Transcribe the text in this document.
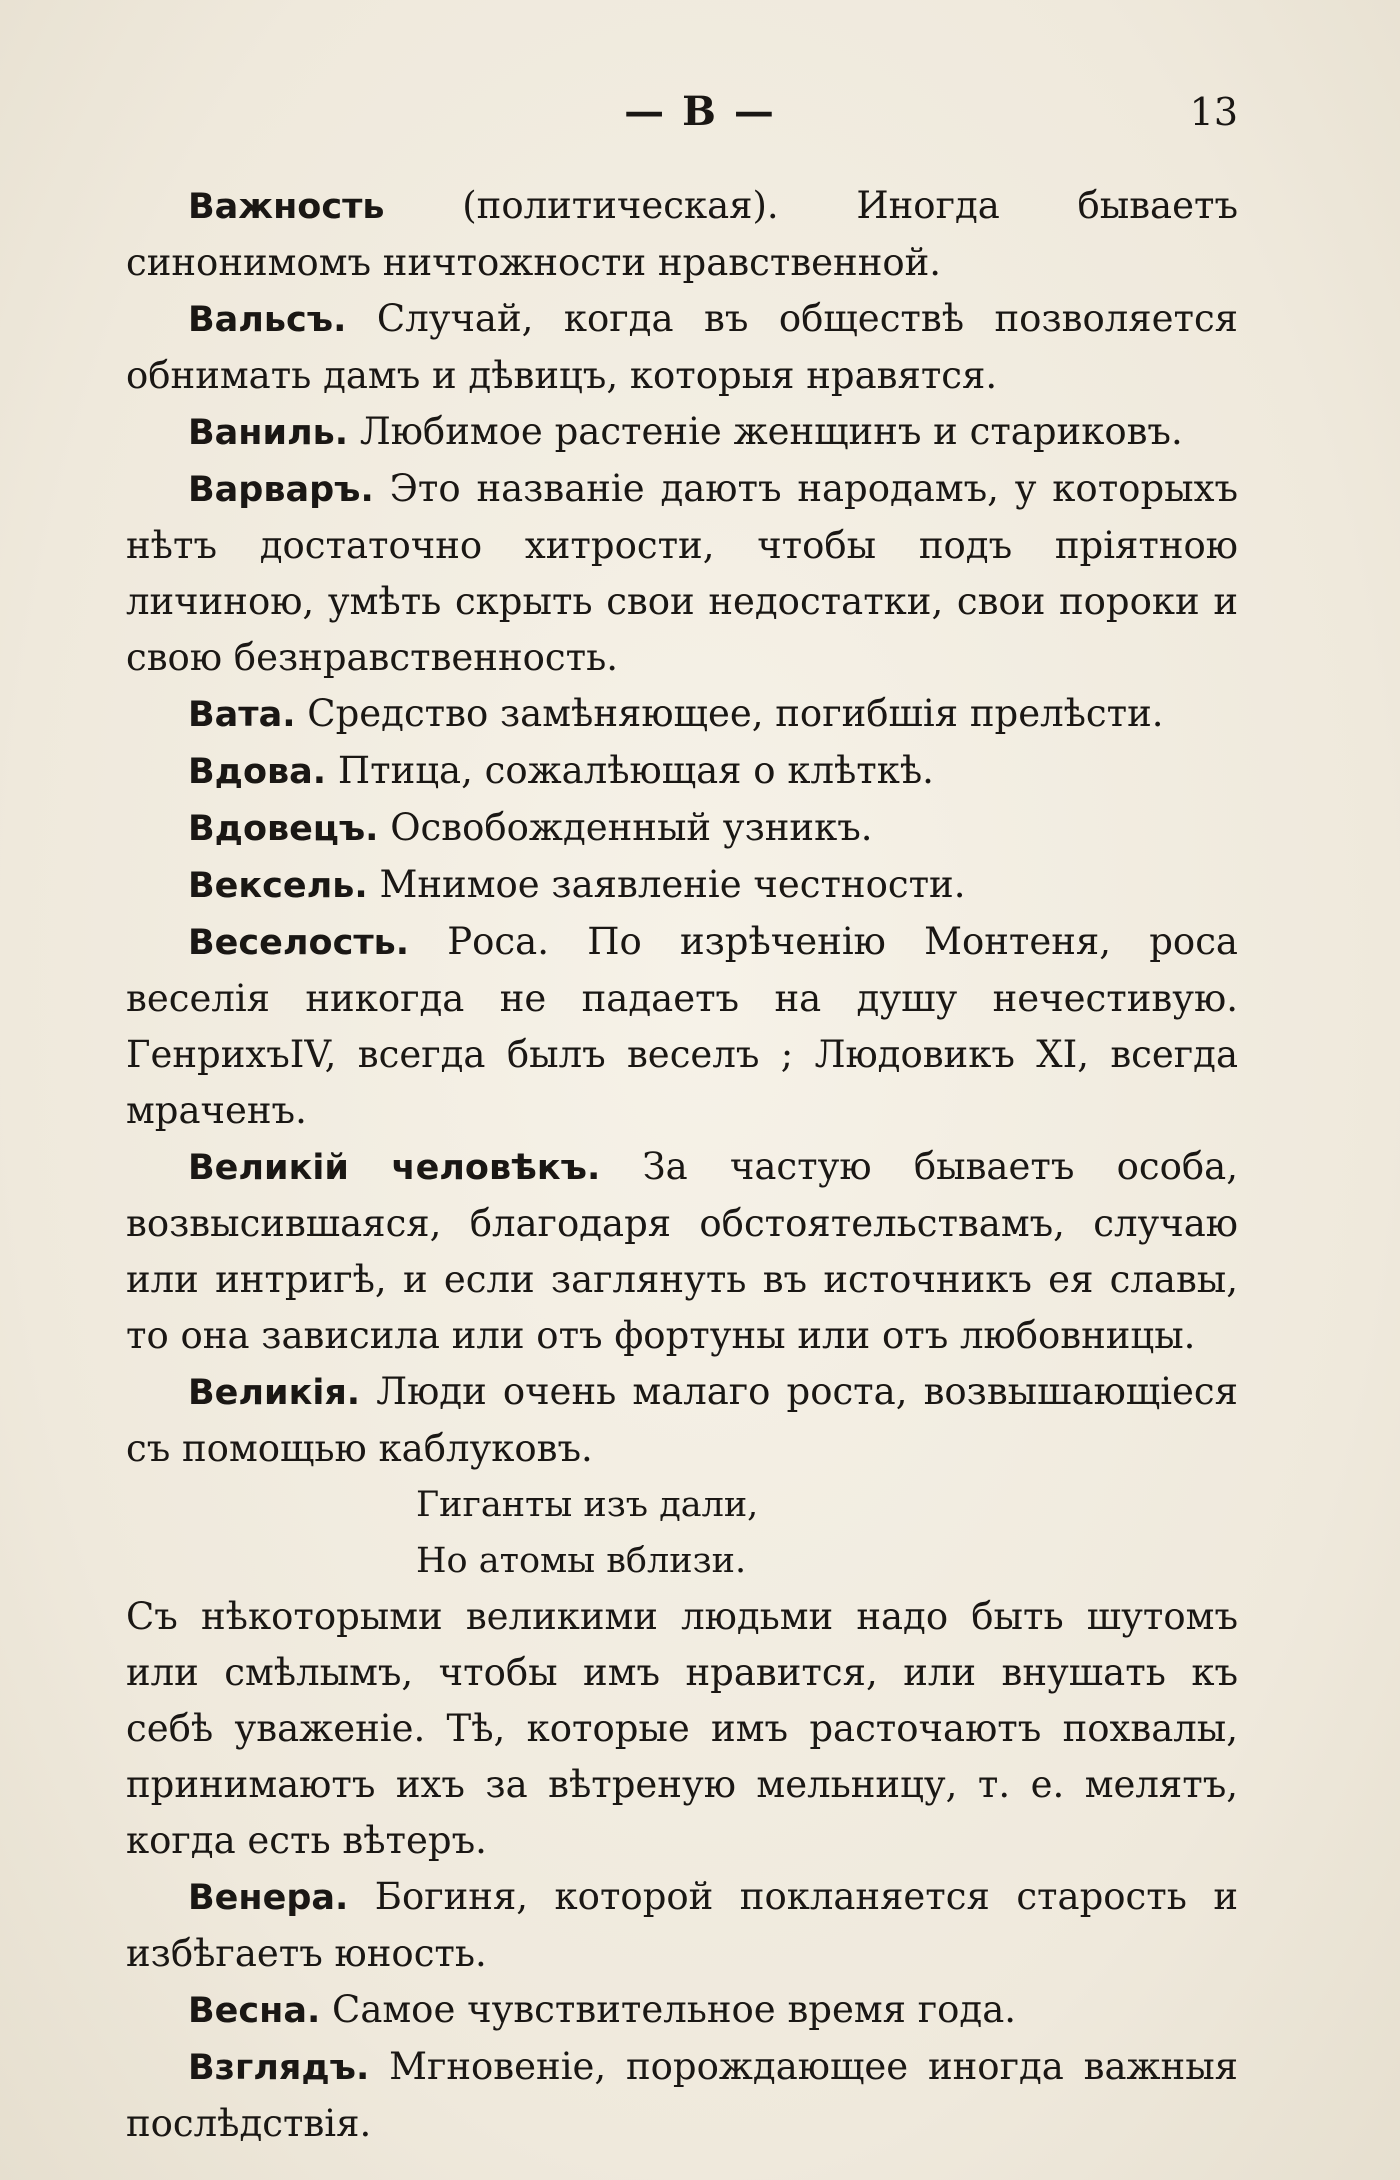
— В —	13

Важность (политическая). Иногда бываетъ синонимомъ ничтожности нравственной.

Вальсъ. Случай, когда въ обществѣ позволяется обнимать дамъ и дѣвицъ, которыя нравятся.

Ваниль. Любимое растеніе женщинъ и стариковъ.

Варваръ. Это названіе даютъ народамъ, у которыхъ нѣтъ достаточно хитрости, чтобы подъ пріятною личиною, умѣть скрыть свои недостатки, свои пороки и свою безнравственность.

Вата. Средство замѣняющее, погибшія прелѣсти.

Вдова. Птица, сожалѣющая о клѣткѣ.

Вдовецъ. Освобожденный узникъ.

Вексель. Мнимое заявленіе честности.

Веселость. Роса. По изрѣченію Монтеня, роса веселія никогда не падаетъ на душу нечестивую. ГенрихъIV, всегда былъ веселъ ; Людовикъ XI, всегда мраченъ.

Великій человѣкъ. За частую бываетъ особа, возвысившаяся, благодаря обстоятельствамъ, случаю или интригѣ, и если заглянуть въ источникъ ея славы, то она зависила или отъ фортуны или отъ любовницы.

Великія. Люди очень малаго роста, возвышающіеся съ помощью каблуковъ.

Гиганты изъ дали,

Но атомы вблизи.

Съ нѣкоторыми великими людьми надо быть шутомъ или смѣлымъ, чтобы имъ нравится, или внушать къ себѣ уваженіе. Тѣ, которые имъ расточаютъ похвалы, принимаютъ ихъ за вѣтреную мельницу, т. е. мелятъ, когда есть вѣтеръ.

Венера. Богиня, которой покланяется старость и избѣгаетъ юность.

Весна. Самое чувствительное время года.

Взглядъ. Мгновеніе, порождающее иногда важныя послѣдствія.
